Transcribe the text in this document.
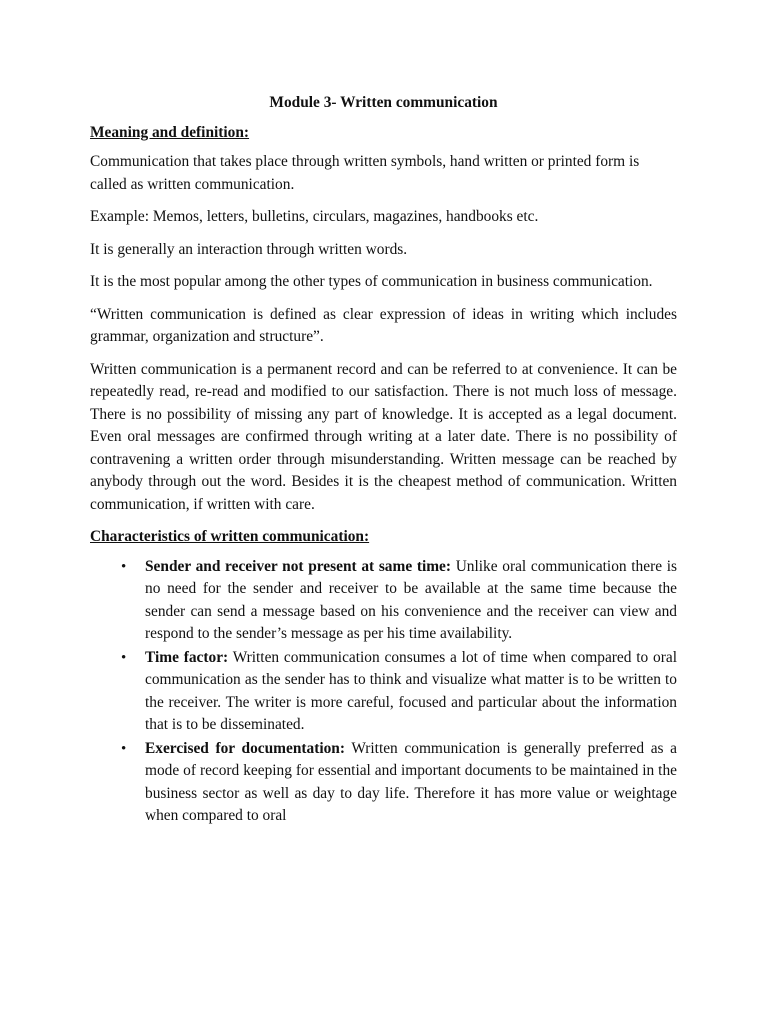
Module 3- Written communication
Meaning and definition:

Communication that takes place through written symbols, hand written or printed form is called as written communication.

Example: Memos, letters, bulletins, circulars, magazines, handbooks etc.

It is generally an interaction through written words.

It is the most popular among the other types of communication in business communication.

“Written communication is defined as clear expression of ideas in writing which includes grammar, organization and structure”.

Written communication is a permanent record and can be referred to at convenience. It can be repeatedly read, re-read and modified to our satisfaction. There is not much loss of message. There is no possibility of missing any part of knowledge. It is accepted as a legal document. Even oral messages are confirmed through writing at a later date. There is no possibility of contravening a written order through misunderstanding. Written message can be reached by anybody through out the word. Besides it is the cheapest method of communication. Written communication, if written with care.

Characteristics of written communication:
• Sender and receiver not present at same time: Unlike oral communication there is no need for the sender and receiver to be available at the same time because the sender can send a message based on his convenience and the receiver can view and respond to the sender’s message as per his time availability.
• Time factor: Written communication consumes a lot of time when compared to oral communication as the sender has to think and visualize what matter is to be written to the receiver. The writer is more careful, focused and particular about the information that is to be disseminated.
• Exercised for documentation: Written communication is generally preferred as a mode of record keeping for essential and important documents to be maintained in the business sector as well as day to day life. Therefore it has more value or weightage when compared to oral
